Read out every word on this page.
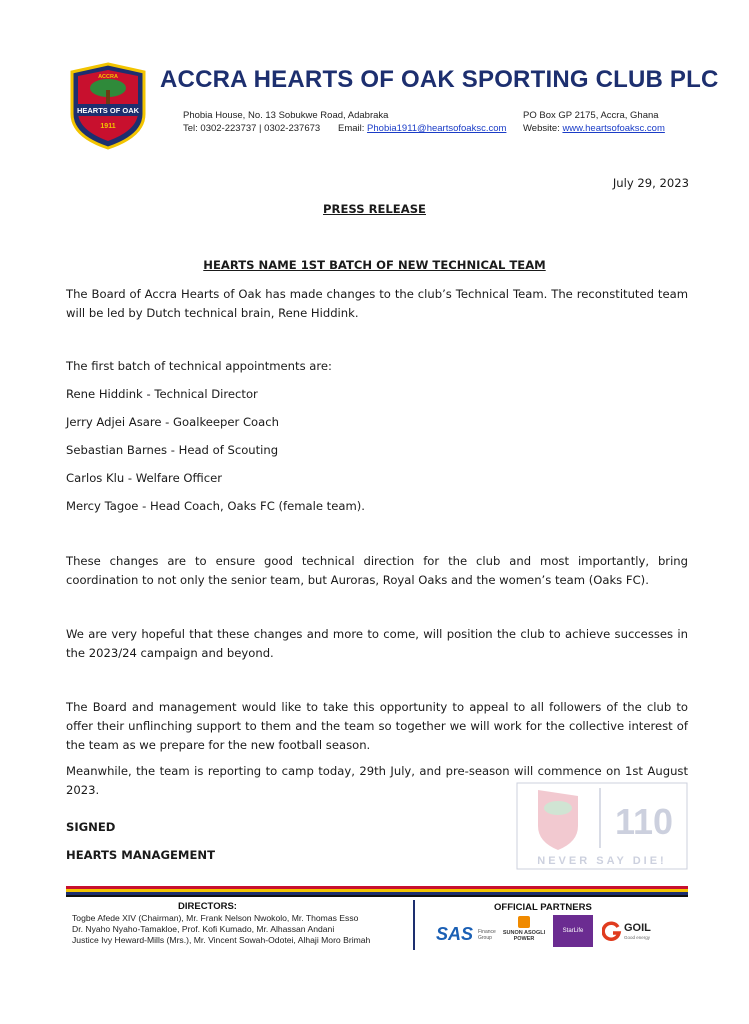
ACCRA
HEARTS OF OAK
1911
ACCRA HEARTS OF OAK SPORTING CLUB PLC
Phobia House, No. 13 Sobukwe Road, Adabraka
Tel: 0302-223737 | 0302-237673 Email: Phobia1911@heartsofoaksc.com
PO Box GP 2175, Accra, Ghana
Website: www.heartsofoaksc.com
July 29, 2023
PRESS RELEASE
HEARTS NAME 1ST BATCH OF NEW TECHNICAL TEAM
The Board of Accra Hearts of Oak has made changes to the club’s Technical Team. The reconstituted team will be led by Dutch technical brain, Rene Hiddink.
The first batch of technical appointments are:
Rene Hiddink - Technical Director
Jerry Adjei Asare - Goalkeeper Coach
Sebastian Barnes - Head of Scouting
Carlos Klu - Welfare Officer
Mercy Tagoe - Head Coach, Oaks FC (female team).
These changes are to ensure good technical direction for the club and most importantly, bring coordination to not only the senior team, but Auroras, Royal Oaks and the women’s team (Oaks FC).
We are very hopeful that these changes and more to come, will position the club to achieve successes in the 2023/24 campaign and beyond.
The Board and management would like to take this opportunity to appeal to all followers of the club to offer their unflinching support to them and the team so together we will work for the collective interest of the team as we prepare for the new football season.
Meanwhile, the team is reporting to camp today, 29th July, and pre-season will commence on 1st August 2023.
SIGNED
HEARTS MANAGEMENT
110
NEVER SAY DIE!
DIRECTORS:
Togbe Afede XIV (Chairman), Mr. Frank Nelson Nwokolo, Mr. Thomas Esso
Dr. Nyaho Nyaho-Tamakloe, Prof. Kofi Kumado, Mr. Alhassan Andani
Justice Ivy Heward-Mills (Mrs.), Mr. Vincent Sowah-Odotei, Alhaji Moro Brimah
OFFICIAL PARTNERS
SAS Finance Group
SUNON ASOGLI POWER
StarLife	GOIL
Good energy
